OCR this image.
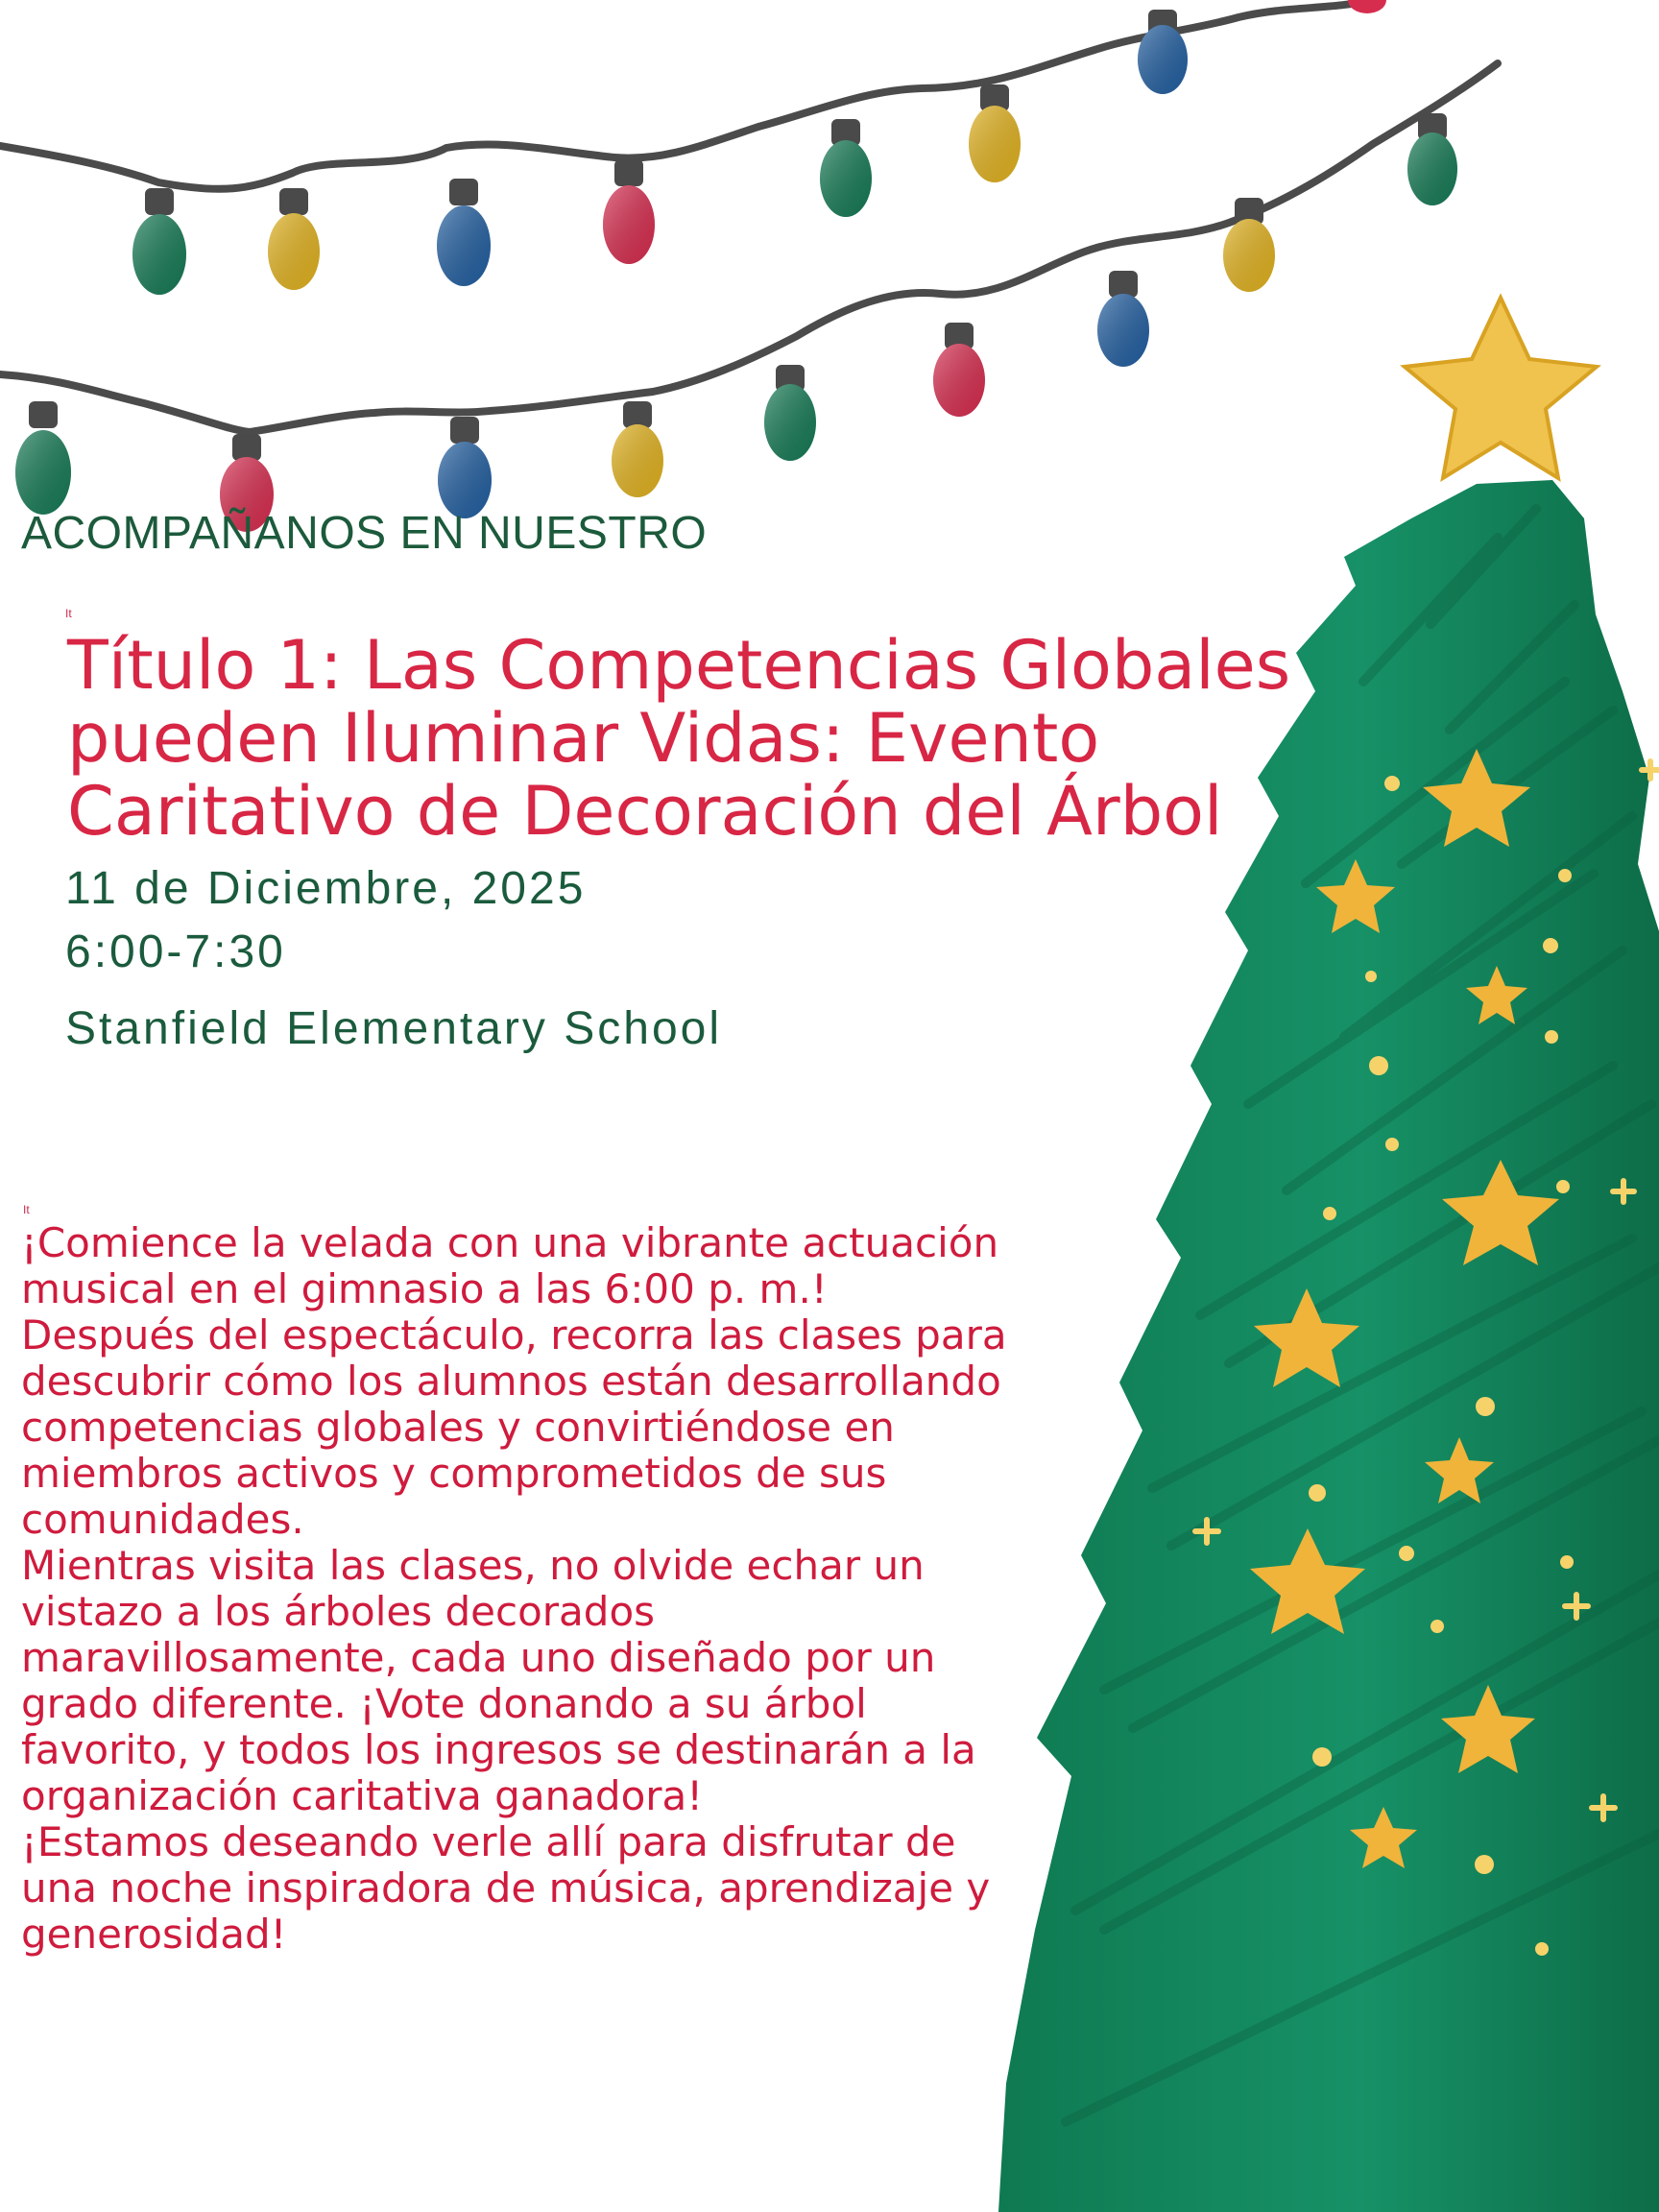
ACOMPAÑANOS EN NUESTRO
It
Título 1: Las Competencias Globales
pueden Iluminar Vidas: Evento
Caritativo de Decoración del Árbol
11 de Diciembre, 2025
6:00-7:30
Stanfield Elementary School
It

¡Comience la velada con una vibrante actuación musical en el gimnasio a las 6:00 p. m.!

Después del espectáculo, recorra las clases para descubrir cómo los alumnos están desarrollando competencias globales y convirtiéndose en miembros activos y comprometidos de sus comunidades.

Mientras visita las clases, no olvide echar un vistazo a los árboles decorados maravillosamente, cada uno diseñado por un grado diferente. ¡Vote donando a su árbol favorito, y todos los ingresos se destinarán a la organización caritativa ganadora!

¡Estamos deseando verle allí para disfrutar de una noche inspiradora de música, aprendizaje y generosidad!
